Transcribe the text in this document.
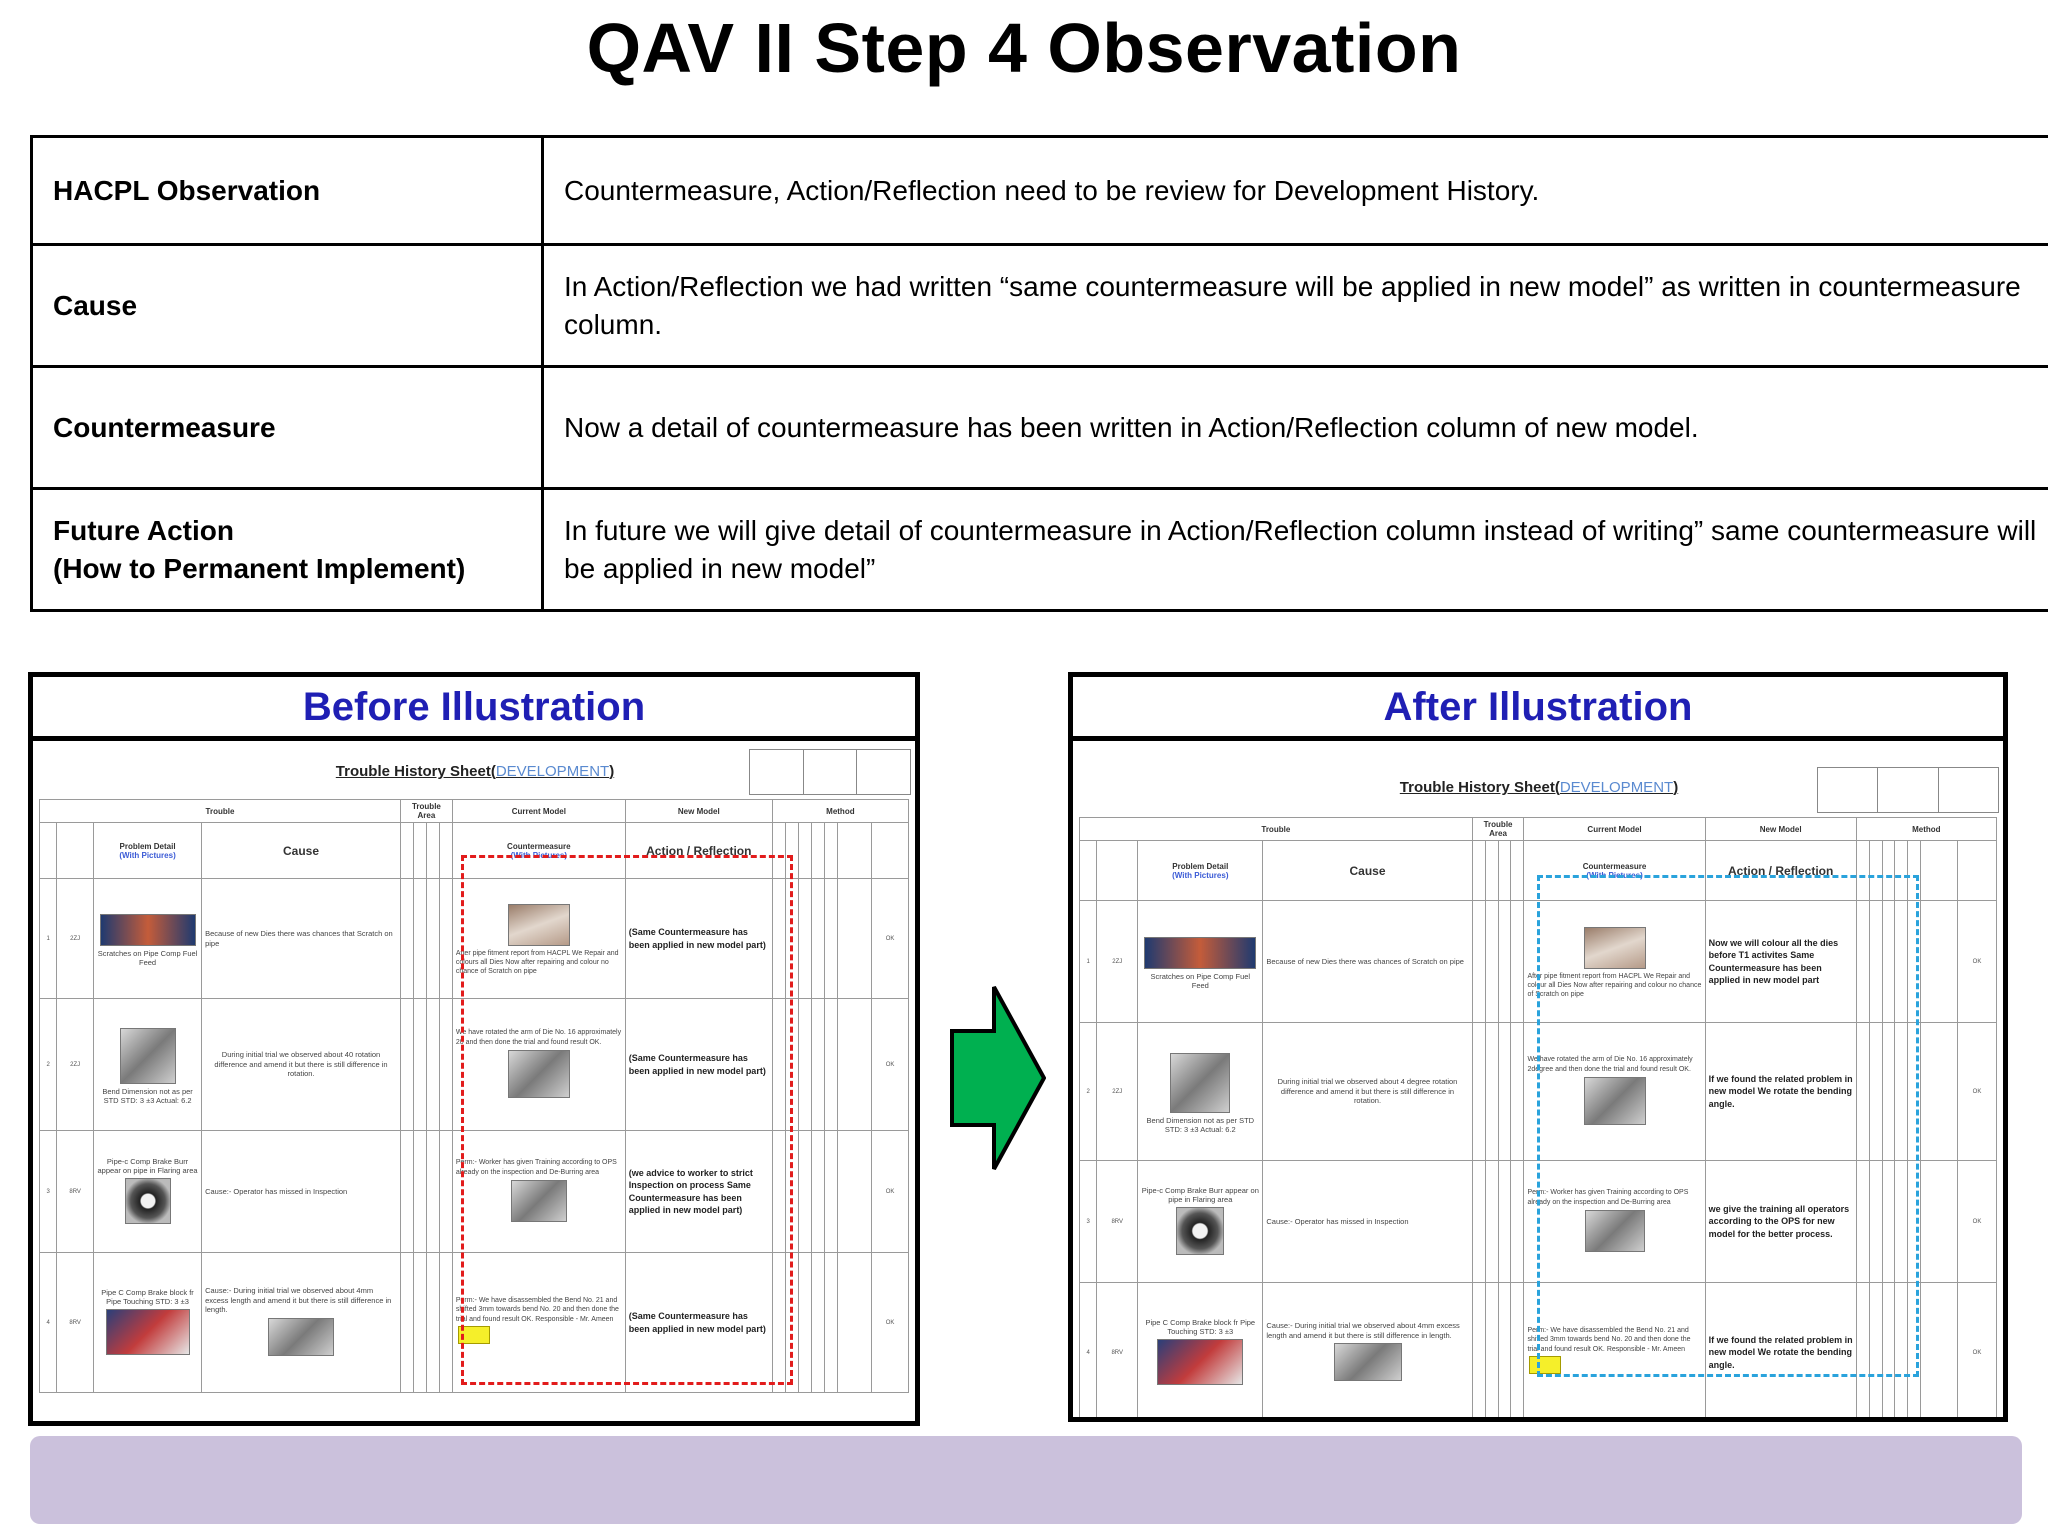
QAV II Step 4 Observation
HACPL Observation	Countermeasure, Action/Reflection need to be review for Development History.
Cause	In Action/Reflection we had written “same countermeasure will be applied in new model” as written in countermeasure column.
Countermeasure	Now a detail of countermeasure has been written in Action/Reflection column of new model.
Future Action
(How to Permanent Implement)	In future we will give detail of countermeasure in Action/Reflection column instead of writing” same countermeasure will be applied in new model”
Before Illustration
Trouble History Sheet(DEVELOPMENT)
Trouble				Trouble Area				Current Model	New Model	Method						
		Problem Detail
(With Pictures)	Cause					Countermeasure
(With Pictures)	Action / Reflection							
1	2ZJ	Scratches on Pipe Comp Fuel Feed	Because of new Dies there was chances that Scratch on pipe					After pipe fitment report from HACPL We Repair and colours all Dies Now after repairing and colour no chance of Scratch on pipe	(Same Countermeasure has been applied in new model part)							OK
2	2ZJ	Bend Dimension not as per STD STD: 3 ±3 Actual: 6.2	During initial trial we observed about 40 rotation difference and amend it but there is still difference in rotation.					We have rotated the arm of Die No. 16 approximately 20 and then done the trial and found result OK.	(Same Countermeasure has been applied in new model part)							OK
3	8RV	Pipe-c Comp Brake Burr appear on pipe in Flaring area	Cause:- Operator has missed in Inspection					Perm:- Worker has given Training according to OPS already on the inspection and De-Burring area	(we advice to worker to strict Inspection on process Same Countermeasure has been applied in new model part)							OK
4	8RV	Pipe C Comp Brake block fr Pipe Touching STD: 3 ±3	Cause:- During initial trial we observed about 4mm excess length and amend it but there is still difference in length.					Perm:- We have disassembled the Bend No. 21 and shifted 3mm towards bend No. 20 and then done the trial and found result OK. Responsible - Mr. Ameen	(Same Countermeasure has been applied in new model part)							OK
After Illustration
Trouble History Sheet(DEVELOPMENT)
Trouble				Trouble Area				Current Model	New Model	Method						
		Problem Detail
(With Pictures)	Cause					Countermeasure
(With Pictures)	Action / Reflection							
1	2ZJ	Scratches on Pipe Comp Fuel Feed	Because of new Dies there was chances of Scratch on pipe					After pipe fitment report from HACPL We Repair and colour all Dies Now after repairing and colour no chance of Scratch on pipe	Now we will colour all the dies before T1 activites Same Countermeasure has been applied in new model part							OK
2	2ZJ	Bend Dimension not as per STD STD: 3 ±3 Actual: 6.2	During initial trial we observed about 4 degree rotation difference and amend it but there is still difference in rotation.					We have rotated the arm of Die No. 16 approximately 2degree and then done the trial and found result OK.	If we found the related problem in new model We rotate the bending angle.							OK
3	8RV	Pipe-c Comp Brake Burr appear on pipe in Flaring area	Cause:- Operator has missed in Inspection					Perm:- Worker has given Training according to OPS already on the inspection and De-Burring area	we give the training all operators according to the OPS for new model for the better process.							OK
4	8RV	Pipe C Comp Brake block fr Pipe Touching STD: 3 ±3	Cause:- During initial trial we observed about 4mm excess length and amend it but there is still difference in length.					Perm:- We have disassembled the Bend No. 21 and shifted 3mm towards bend No. 20 and then done the trial and found result OK. Responsible - Mr. Ameen	If we found the related problem in new model We rotate the bending angle.							OK
